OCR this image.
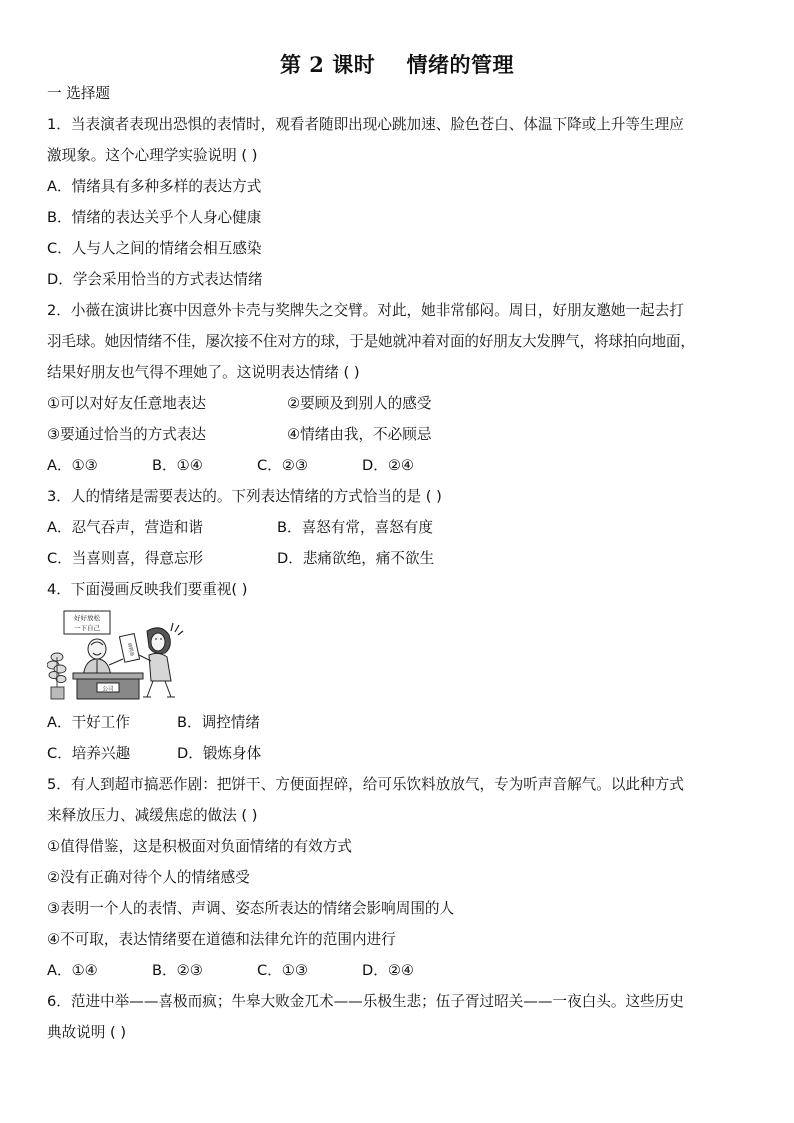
第 2 课时    情绪的管理
一 选择题
1．当表演者表现出恐惧的表情时，观看者随即出现心跳加速、脸色苍白、体温下降或上升等生理应
激现象。这个心理学实验说明 ( )
A．情绪具有多种多样的表达方式
B．情绪的表达关乎个人身心健康
C．人与人之间的情绪会相互感染
D．学会采用恰当的方式表达情绪
2．小薇在演讲比赛中因意外卡壳与奖牌失之交臂。对此，她非常郁闷。周日，好朋友邀她一起去打
羽毛球。她因情绪不佳，屡次接不住对方的球，于是她就冲着对面的好朋友大发脾气，将球拍向地面，
结果好朋友也气得不理她了。这说明表达情绪 ( )
①可以对好友任意地表达	②要顾及到别人的感受
③要通过恰当的方式表达	④情绪由我，不必顾忌
A．①③	B．①④	C．②③	D．②④
3．人的情绪是需要表达的。下列表达情绪的方式恰当的是 ( )
A．忍气吞声，营造和谐	B．喜怒有常，喜怒有度
C．当喜则喜，得意忘形	D．悲痛欲绝，痛不欲生
4．下面漫画反映我们要重视( )
好好放松
一下自己
公司
请假条
A．干好工作	B．调控情绪
C．培养兴趣	D．锻炼身体
5．有人到超市搞恶作剧：把饼干、方便面捏碎，给可乐饮料放放气，专为听声音解气。以此种方式
来释放压力、减缓焦虑的做法 ( )
①值得借鉴，这是积极面对负面情绪的有效方式
②没有正确对待个人的情绪感受
③表明一个人的表情、声调、姿态所表达的情绪会影响周围的人
④不可取，表达情绪要在道德和法律允许的范围内进行
A．①④	B．②③	C．①③	D．②④
6．范进中举——喜极而疯；牛皋大败金兀术——乐极生悲；伍子胥过昭关——一夜白头。这些历史
典故说明 ( )
